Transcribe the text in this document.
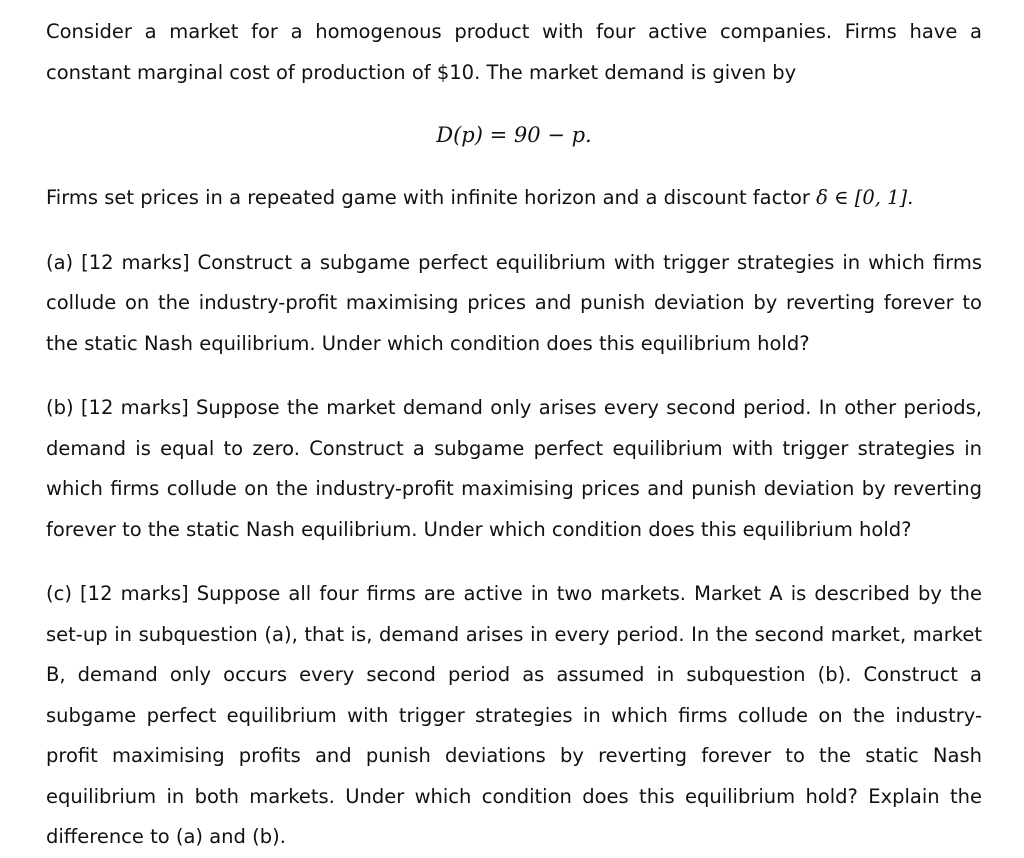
Consider a market for a homogenous product with four active companies. Firms have a constant marginal cost of production of $10. The market demand is given by

D(p) = 90 − p.

Firms set prices in a repeated game with infinite horizon and a discount factor δ ∈ [0, 1].

(a) [12 marks] Construct a subgame perfect equilibrium with trigger strategies in which firms collude on the industry-profit maximising prices and punish deviation by reverting forever to the static Nash equilibrium. Under which condition does this equilibrium hold?

(b) [12 marks] Suppose the market demand only arises every second period. In other periods, demand is equal to zero. Construct a subgame perfect equilibrium with trigger strategies in which firms collude on the industry-profit maximising prices and punish deviation by reverting forever to the static Nash equilibrium. Under which condition does this equilibrium hold?

(c) [12 marks] Suppose all four firms are active in two markets. Market A is described by the set-up in subquestion (a), that is, demand arises in every period. In the second market, market B, demand only occurs every second period as assumed in subquestion (b). Construct a subgame perfect equilibrium with trigger strategies in which firms collude on the industry-profit maximising profits and punish deviations by reverting forever to the static Nash equilibrium in both markets. Under which condition does this equilibrium hold? Explain the difference to (a) and (b).
